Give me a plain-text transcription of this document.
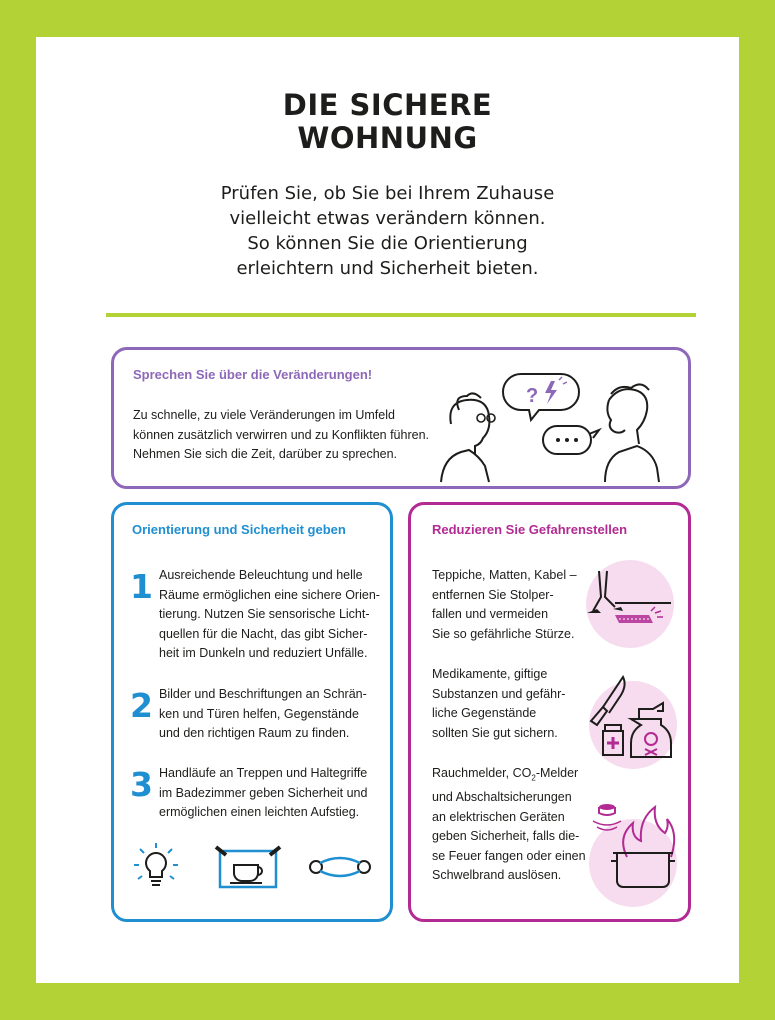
DIE SICHERE
WOHNUNG
Prüfen Sie, ob Sie bei Ihrem Zuhause
vielleicht etwas verändern können.
So können Sie die Orientierung
erleichtern und Sicherheit bieten.
Sprechen Sie über die Veränderungen!
Zu schnelle, zu viele Veränderungen im Umfeld
können zusätzlich verwirren und zu Konflikten führen.
Nehmen Sie sich die Zeit, darüber zu sprechen.
?
Orientierung und Sicherheit geben
1 Ausreichende Beleuchtung und helle
Räume ermöglichen eine sichere Orien-
tierung. Nutzen Sie sensorische Licht-
quellen für die Nacht, das gibt Sicher-
heit im Dunkeln und reduziert Unfälle.
2 Bilder und Beschriftungen an Schrän-
ken und Türen helfen, Gegenstände
und den richtigen Raum zu finden.
3 Handläufe an Treppen und Haltegriffe
im Badezimmer geben Sicherheit und
ermöglichen einen leichten Aufstieg.
Reduzieren Sie Gefahrenstellen
Teppiche, Matten, Kabel –
entfernen Sie Stolper-
fallen und vermeiden
Sie so gefährliche Stürze.
Medikamente, giftige
Substanzen und gefähr-
liche Gegenstände
sollten Sie gut sichern.
Rauchmelder, $CO_2$-Melder
und Abschaltsicherungen
an elektrischen Geräten
geben Sicherheit, falls die-
se Feuer fangen oder einen
Schwelbrand auslösen.
